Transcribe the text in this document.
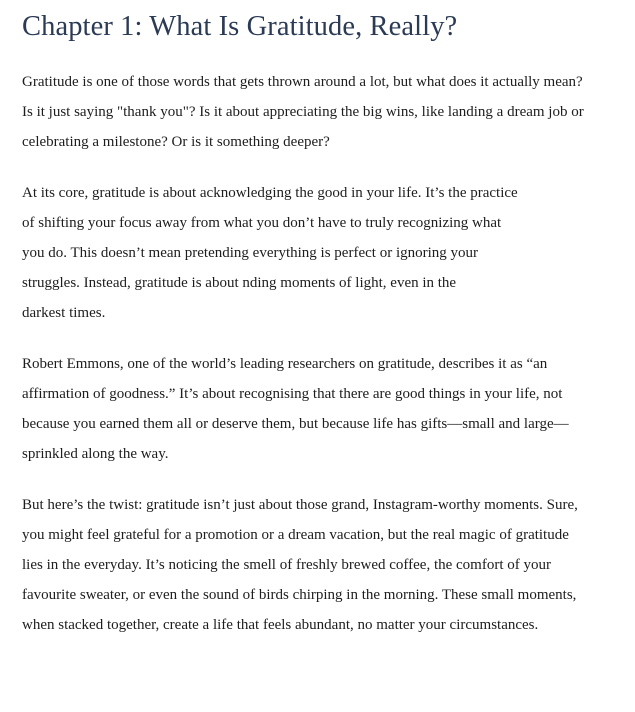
Chapter 1: What Is Gratitude, Really?

Gratitude is one of those words that gets thrown around a lot, but what does it actually mean?
Is it just saying "thank you"? Is it about appreciating the big wins, like landing a dream job or
celebrating a milestone? Or is it something deeper?

At its core, gratitude is about acknowledging the good in your life. It’s the practice
of shifting your focus away from what you don’t have to truly recognizing what
you do. This doesn’t mean pretending everything is perfect or ignoring your
struggles. Instead, gratitude is about nding moments of light, even in the
darkest times.

Robert Emmons, one of the world’s leading researchers on gratitude, describes it as “an
affirmation of goodness.” It’s about recognising that there are good things in your life, not
because you earned them all or deserve them, but because life has gifts—small and large—
sprinkled along the way.

But here’s the twist: gratitude isn’t just about those grand, Instagram-worthy moments. Sure,
you might feel grateful for a promotion or a dream vacation, but the real magic of gratitude
lies in the everyday. It’s noticing the smell of freshly brewed coffee, the comfort of your
favourite sweater, or even the sound of birds chirping in the morning. These small moments,
when stacked together, create a life that feels abundant, no matter your circumstances.
